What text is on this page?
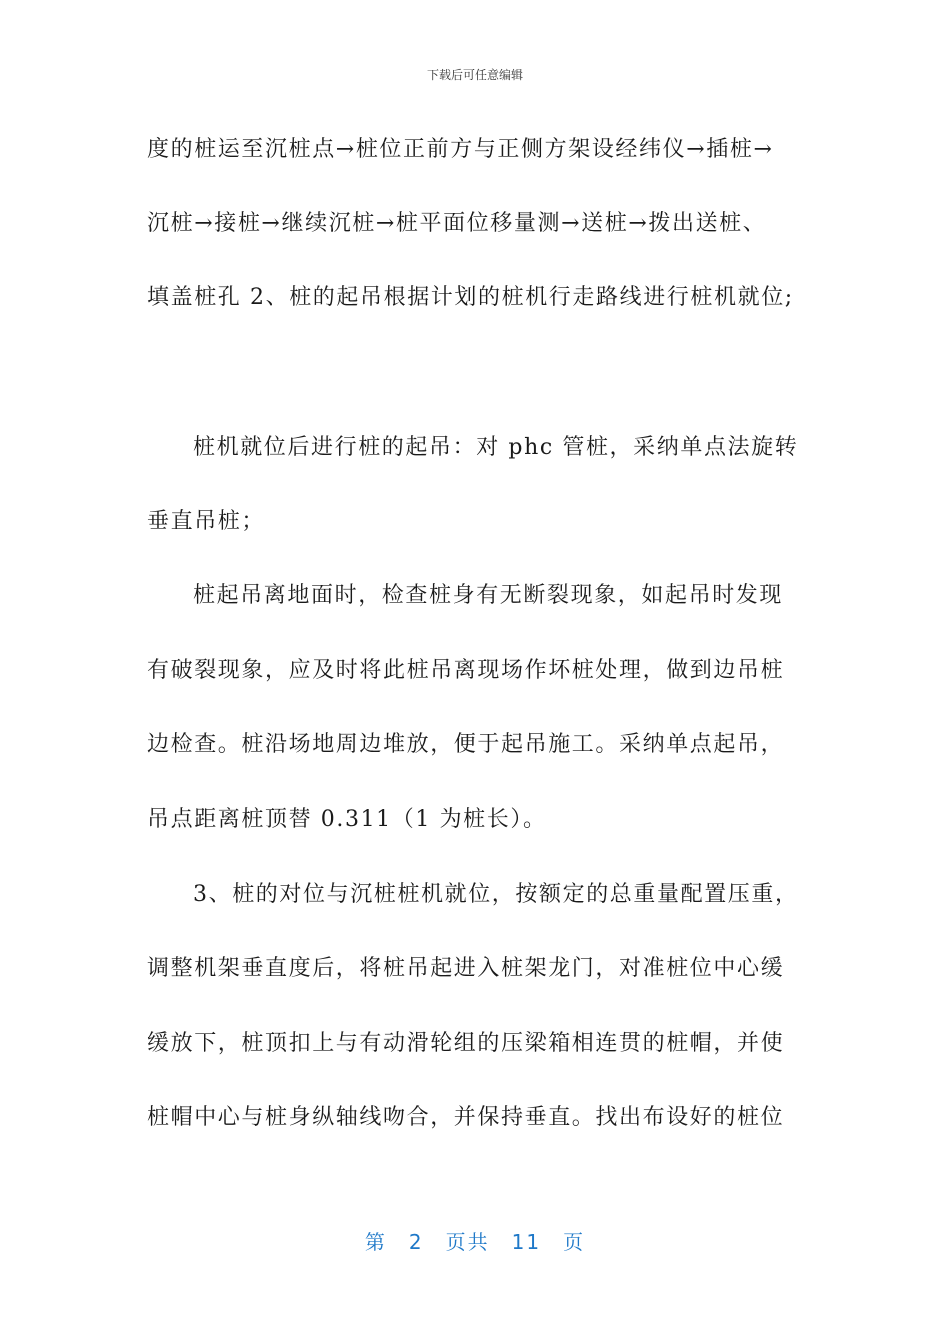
下载后可任意编辑
度的桩运至沉桩点→桩位正前方与正侧方架设经纬仪→插桩→
沉桩→接桩→继续沉桩→桩平面位移量测→送桩→拨出送桩、
填盖桩孔 2、桩的起吊根据计划的桩机行走路线进行桩机就位;
桩机就位后进行桩的起吊：对 phc 管桩，采纳单点法旋转
垂直吊桩；
桩起吊离地面时，检查桩身有无断裂现象，如起吊时发现
有破裂现象，应及时将此桩吊离现场作坏桩处理，做到边吊桩
边检查。桩沿场地周边堆放，便于起吊施工。采纳单点起吊，
吊点距离桩顶替 0.311（1 为桩长）。
3、桩的对位与沉桩桩机就位，按额定的总重量配置压重，
调整机架垂直度后，将桩吊起进入桩架龙门，对准桩位中心缓
缓放下，桩顶扣上与有动滑轮组的压梁箱相连贯的桩帽，并使
桩帽中心与桩身纵轴线吻合，并保持垂直。找出布设好的桩位
第 2 页共 11 页
